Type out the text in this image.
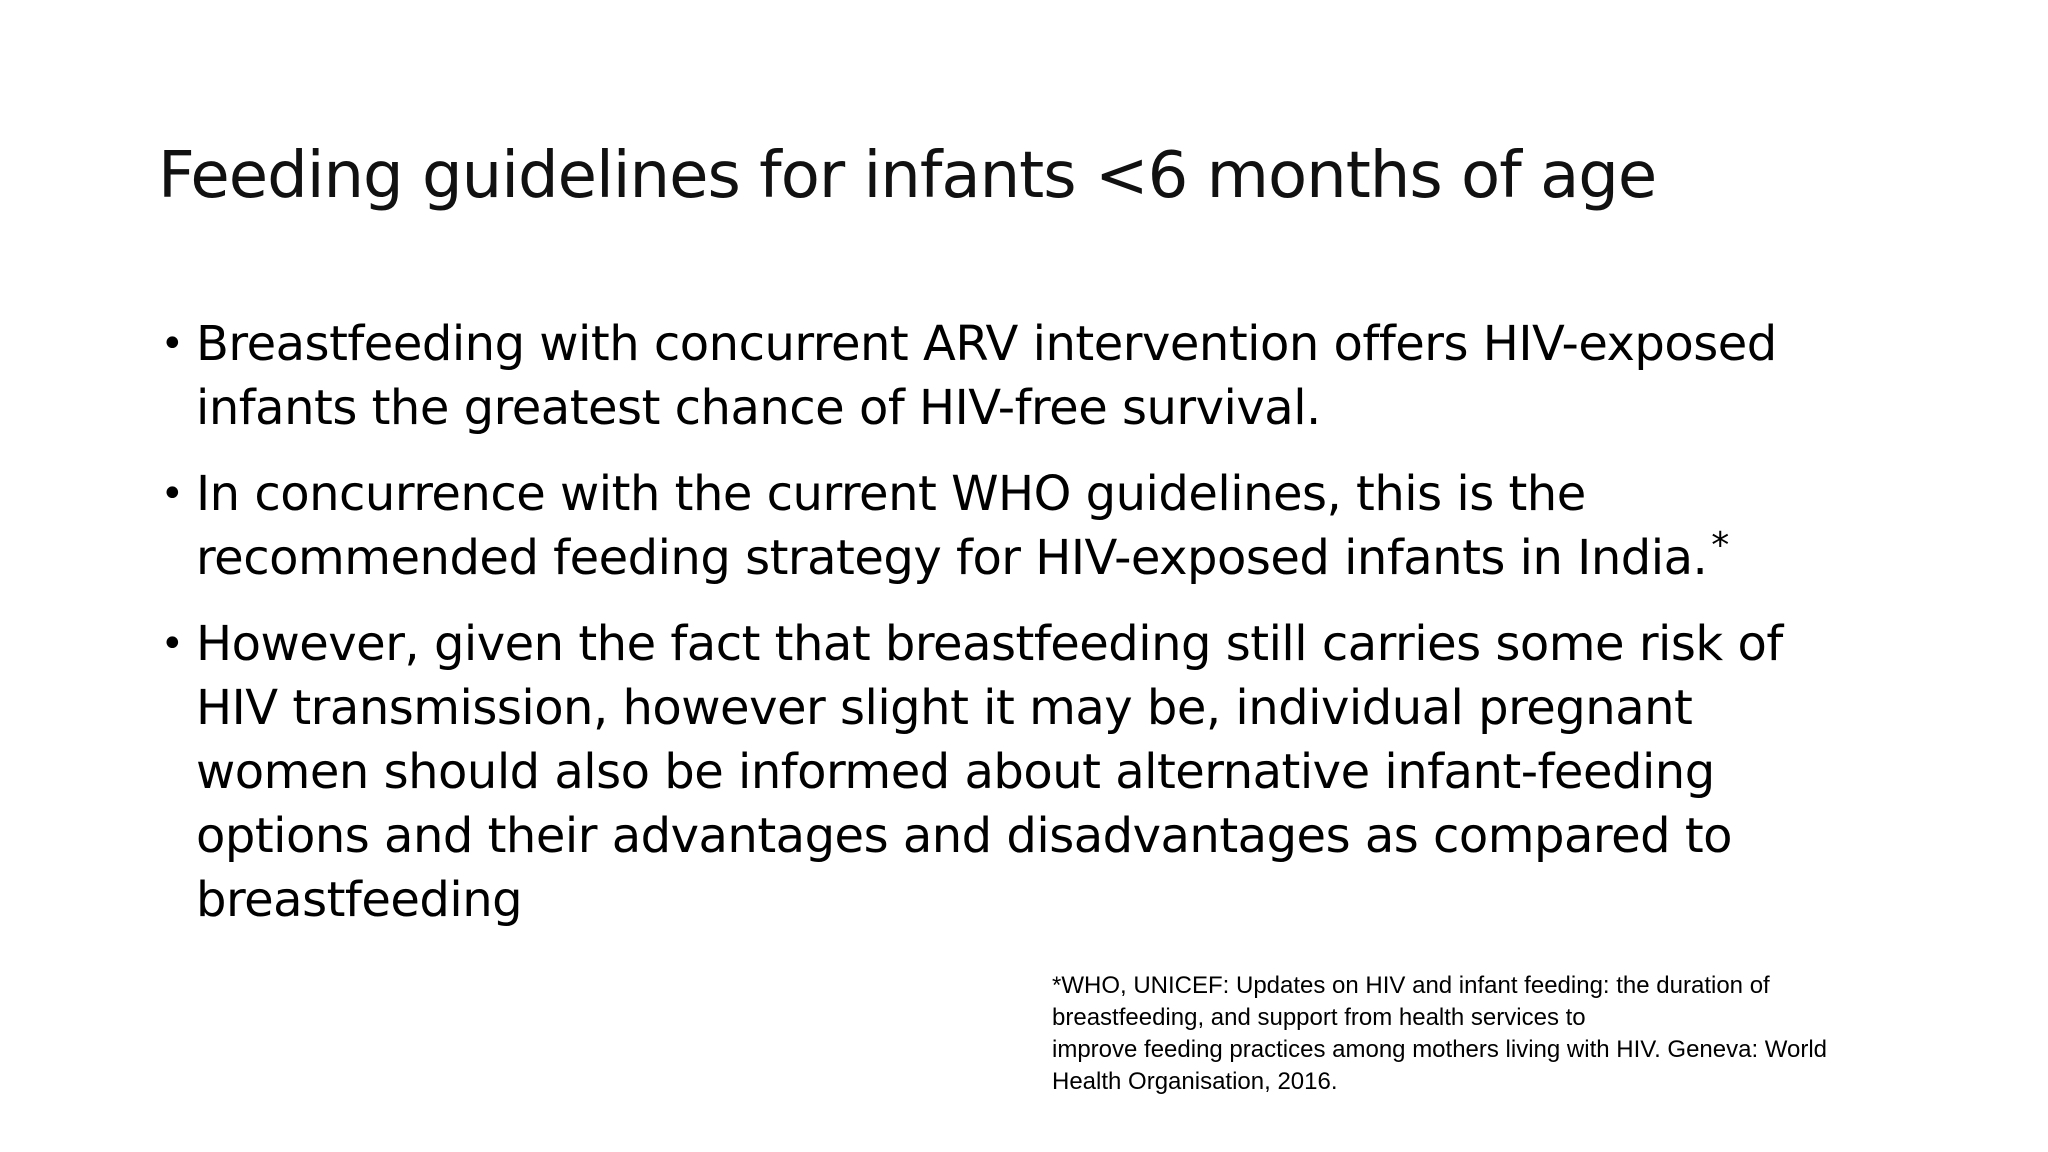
Feeding guidelines for infants <6 months of age
• Breastfeeding with concurrent ARV intervention offers HIV-exposed
infants the greatest chance of HIV-free survival.
• In concurrence with the current WHO guidelines, this is the
recommended feeding strategy for HIV-exposed infants in India. *
• However, given the fact that breastfeeding still carries some risk of
HIV transmission, however slight it may be, individual pregnant
women should also be informed about alternative infant-feeding
options and their advantages and disadvantages as compared to
breastfeeding
*WHO, UNICEF: Updates on HIV and infant feeding: the duration of
breastfeeding, and support from health services to
improve feeding practices among mothers living with HIV. Geneva: World
Health Organisation, 2016.
